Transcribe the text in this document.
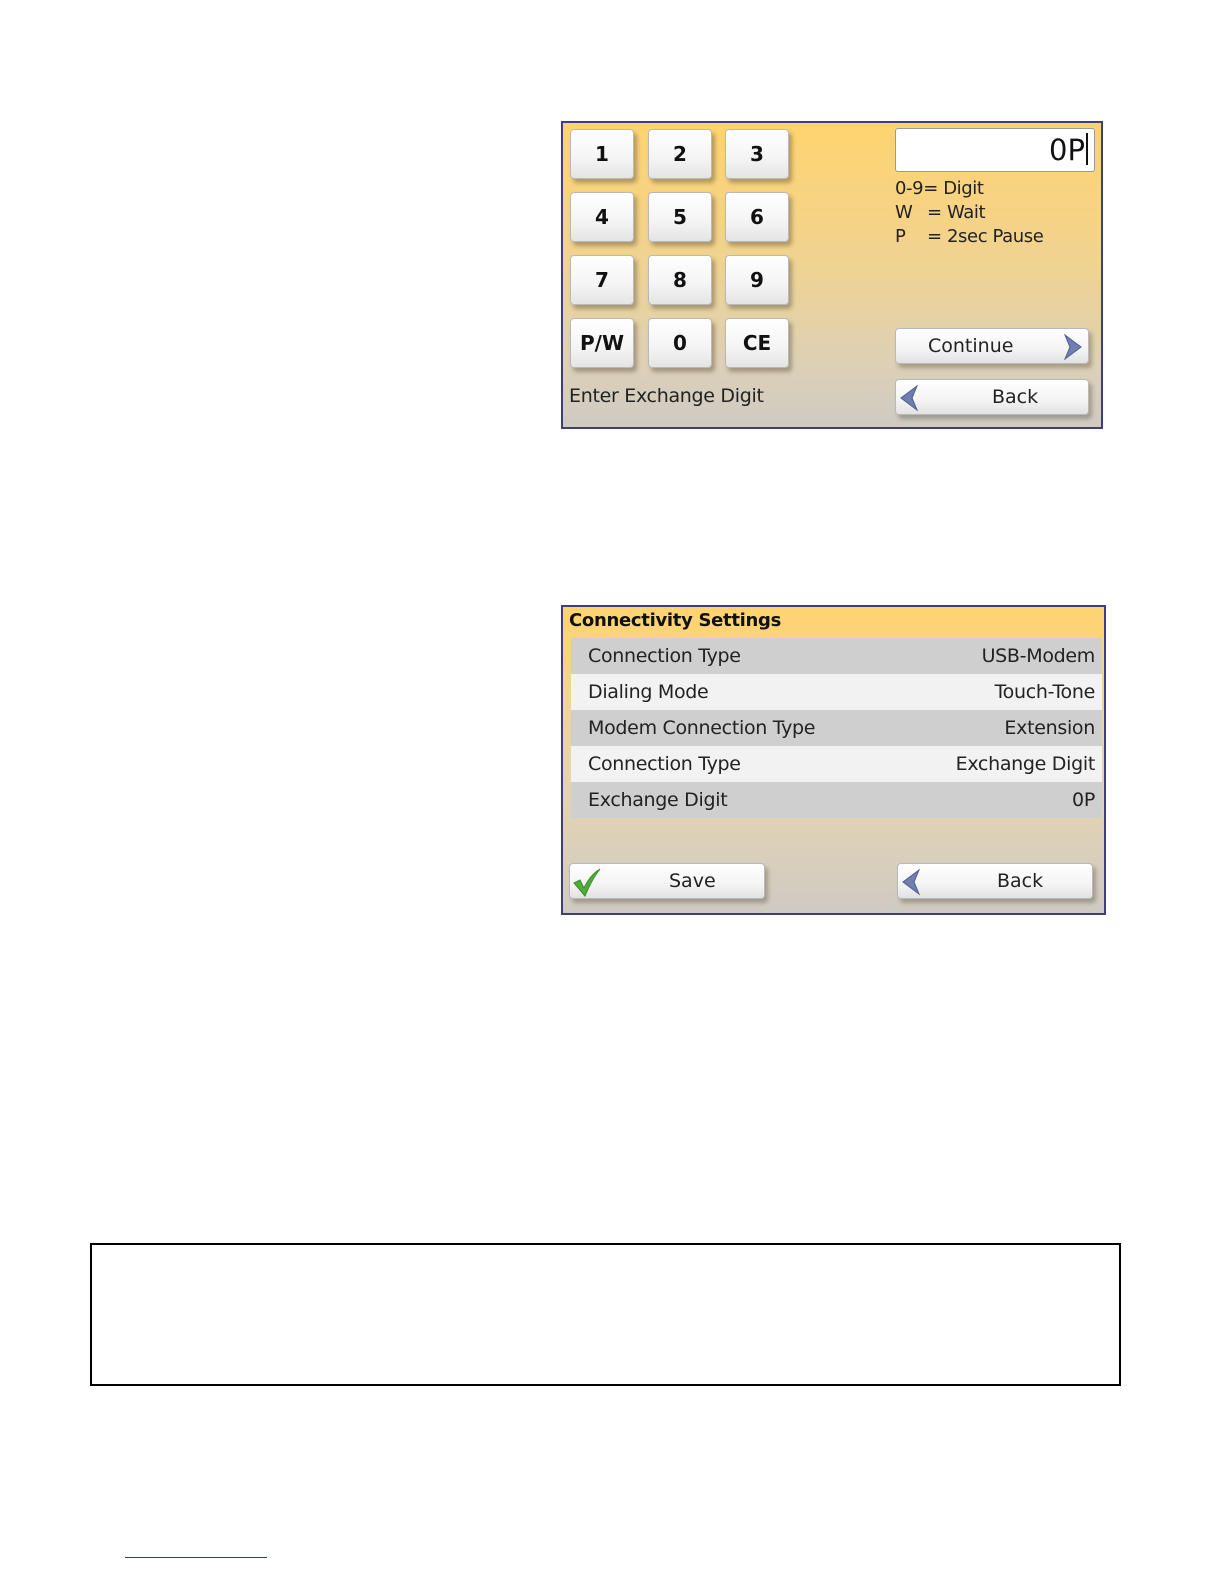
1	2	3
4	5	6
7	8	9
P/W	0	CE
Enter Exchange Digit
0P
0-9 = Digit
W = Wait
P	= 2sec Pause
Continue
Back
Connectivity Settings
Connection Type	USB-Modem
Dialing Mode	Touch-Tone
Modem Connection Type	Extension
Connection Type	Exchange Digit
Exchange Digit	0P
Save	Back
